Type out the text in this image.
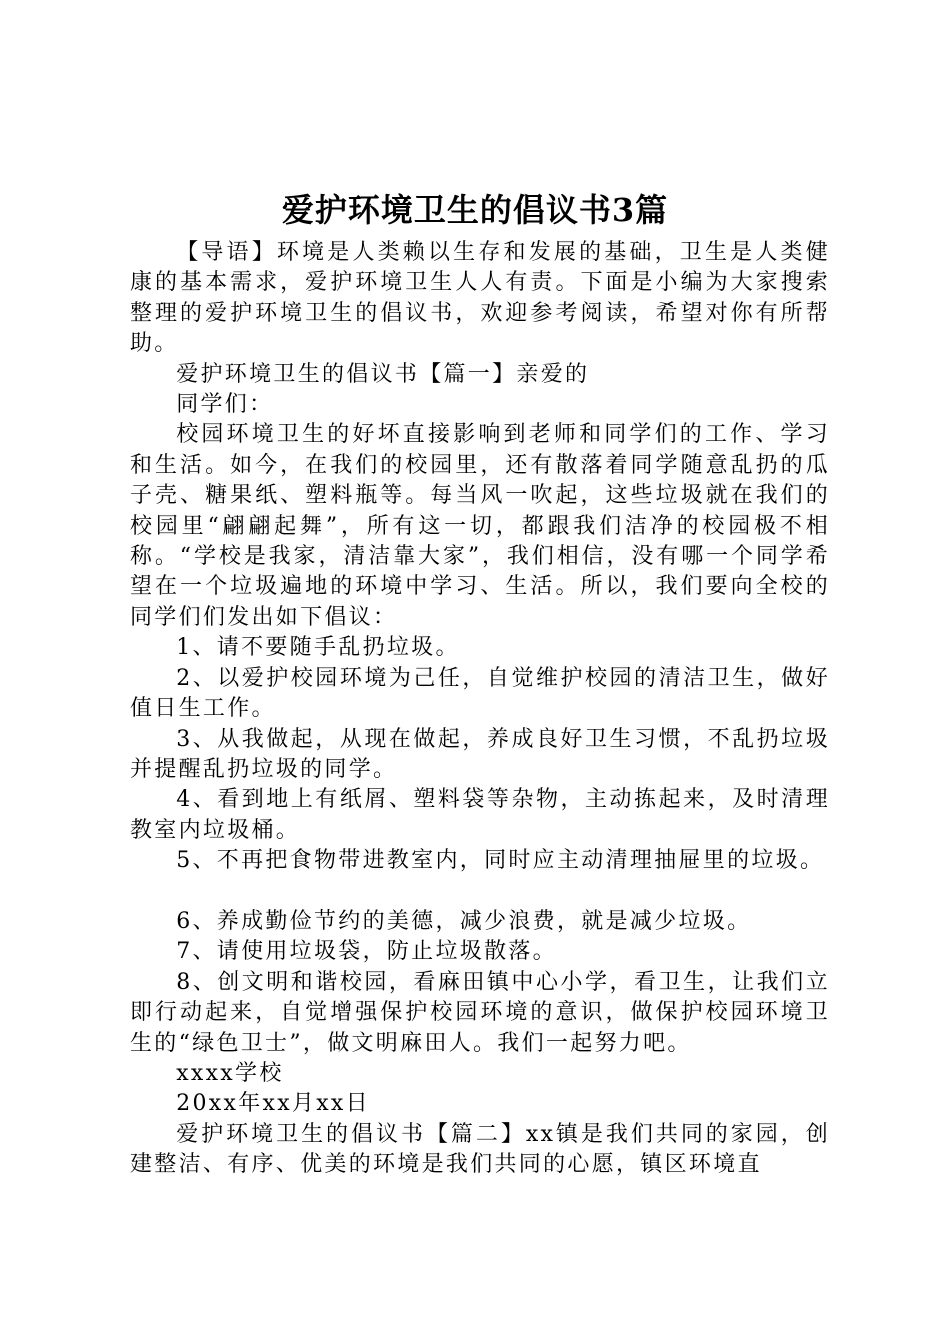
爱护环境卫生的倡议书3篇

【导语】环境是人类赖以生存和发展的基础，卫生是人类健康的基本需求，爱护环境卫生人人有责。下面是小编为大家搜索整理的爱护环境卫生的倡议书，欢迎参考阅读，希望对你有所帮助。

爱护环境卫生的倡议书【篇一】亲爱的

同学们：

校园环境卫生的好坏直接影响到老师和同学们的工作、学习和生活。如今，在我们的校园里，还有散落着同学随意乱扔的瓜子壳、糖果纸、塑料瓶等。每当风一吹起，这些垃圾就在我们的校园里“翩翩起舞”，所有这一切，都跟我们洁净的校园极不相称。“学校是我家，清洁靠大家”，我们相信，没有哪一个同学希望在一个垃圾遍地的环境中学习、生活。所以，我们要向全校的同学们们发出如下倡议：

1、请不要随手乱扔垃圾。

2、以爱护校园环境为己任，自觉维护校园的清洁卫生，做好值日生工作。

3、从我做起，从现在做起，养成良好卫生习惯，不乱扔垃圾并提醒乱扔垃圾的同学。

4、看到地上有纸屑、塑料袋等杂物，主动拣起来，及时清理教室内垃圾桶。

5、不再把食物带进教室内，同时应主动清理抽屉里的垃圾。

6、养成勤俭节约的美德，减少浪费，就是减少垃圾。

7、请使用垃圾袋，防止垃圾散落。

8、创文明和谐校园，看麻田镇中心小学，看卫生，让我们立即行动起来，自觉增强保护校园环境的意识，做保护校园环境卫生的“绿色卫士”，做文明麻田人。我们一起努力吧。

xxxx学校

20xx年xx月xx日

爱护环境卫生的倡议书【篇二】xx镇是我们共同的家园，创建整洁、有序、优美的环境是我们共同的心愿，镇区环境直
